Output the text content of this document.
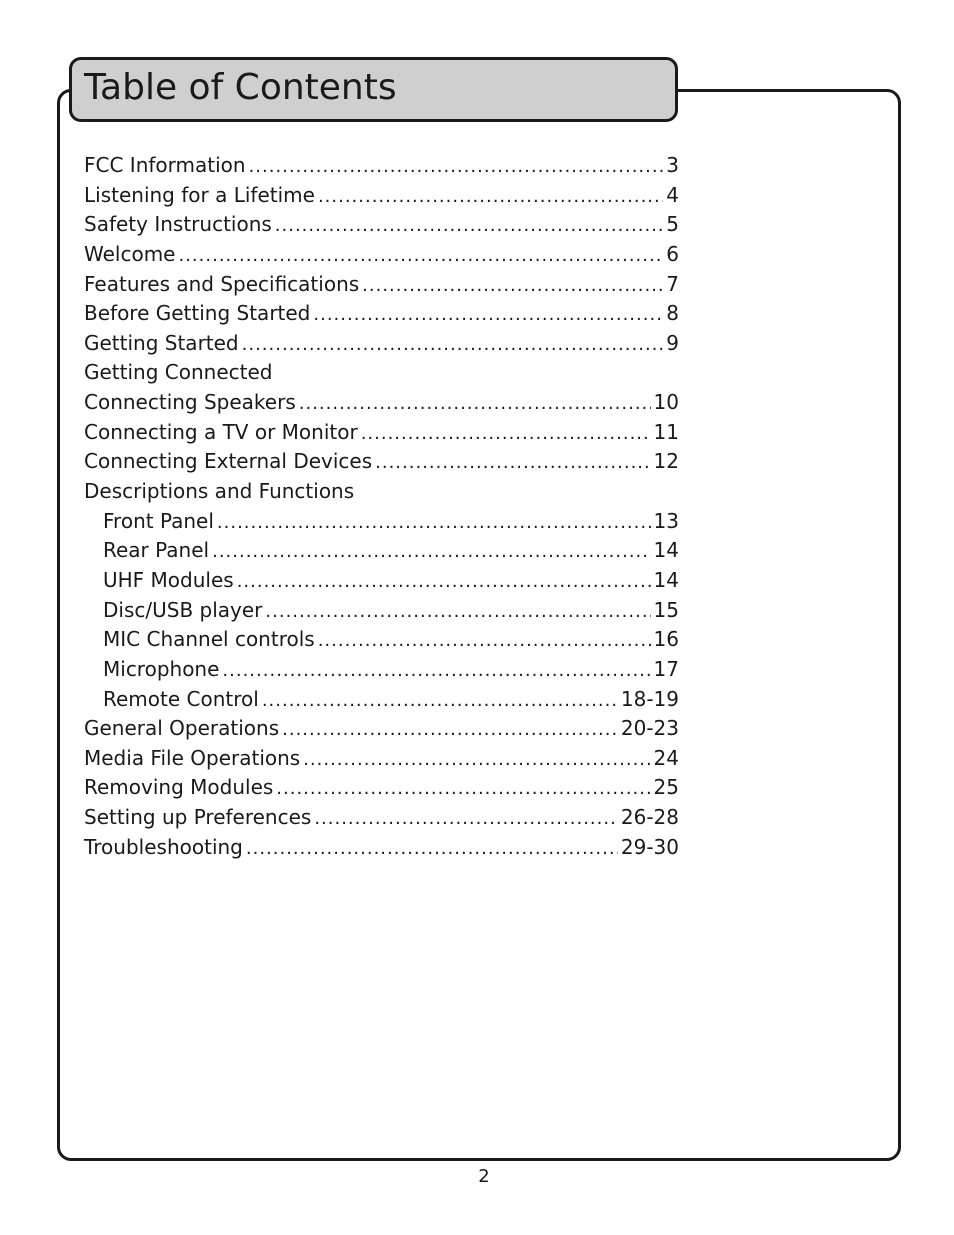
Table of Contents
FCC Information .....	3
Listening for a Lifetime .....	4
Safety Instructions .....	5
Welcome .....	6
Features and Specifications .....	7
Before Getting Started .....	8
Getting Started .....	9
Getting Connected
Connecting Speakers .....	10
Connecting a TV or Monitor .....	11
Connecting External Devices .....	12
Descriptions and Functions
Front Panel .....	13
Rear Panel .....	14
UHF Modules .....	14
Disc/USB player .....	15
MIC Channel controls .....	16
Microphone .....	17
Remote Control .....	18-19
General Operations .....	20-23
Media File Operations .....	24
Removing Modules .....	25
Setting up Preferences .....	26-28
Troubleshooting .....	29-30
2
